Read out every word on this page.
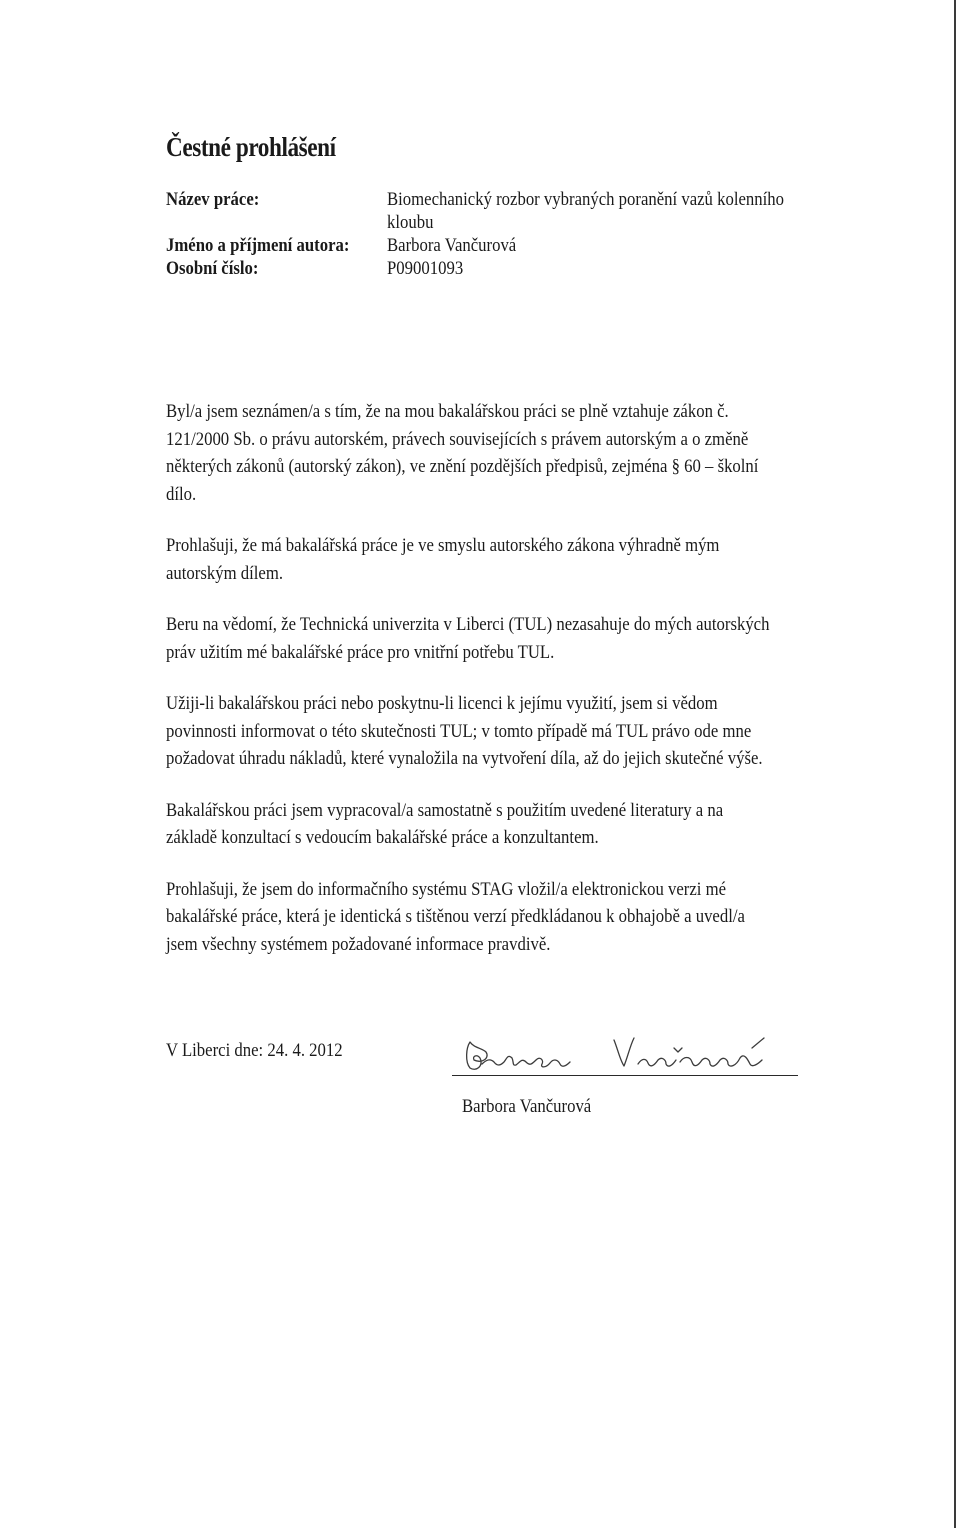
Čestné prohlášení
Název práce:	Biomechanický rozbor vybraných poranění vazů kolenního
kloubu
Jméno a příjmení autora:	Barbora Vančurová
Osobní číslo:	P09001093
Byl/a jsem seznámen/a s tím, že na mou bakalářskou práci se plně vztahuje zákon č.
121/2000 Sb. o právu autorském, právech souvisejících s právem autorským a o změně
některých zákonů (autorský zákon), ve znění pozdějších předpisů, zejména § 60 – školní
dílo.
Prohlašuji, že má bakalářská práce je ve smyslu autorského zákona výhradně mým
autorským dílem.
Beru na vědomí, že Technická univerzita v Liberci (TUL) nezasahuje do mých autorských
práv užitím mé bakalářské práce pro vnitřní potřebu TUL.
Užiji-li bakalářskou práci nebo poskytnu-li licenci k jejímu využití, jsem si vědom
povinnosti informovat o této skutečnosti TUL; v tomto případě má TUL právo ode mne
požadovat úhradu nákladů, které vynaložila na vytvoření díla, až do jejich skutečné výše.
Bakalářskou práci jsem vypracoval/a samostatně s použitím uvedené literatury a na
základě konzultací s vedoucím bakalářské práce a konzultantem.
Prohlašuji, že jsem do informačního systému STAG vložil/a elektronickou verzi mé
bakalářské práce, která je identická s tištěnou verzí předkládanou k obhajobě a uvedl/a
jsem všechny systémem požadované informace pravdivě.
V Liberci dne: 24. 4. 2012
Barbora Vančurová
